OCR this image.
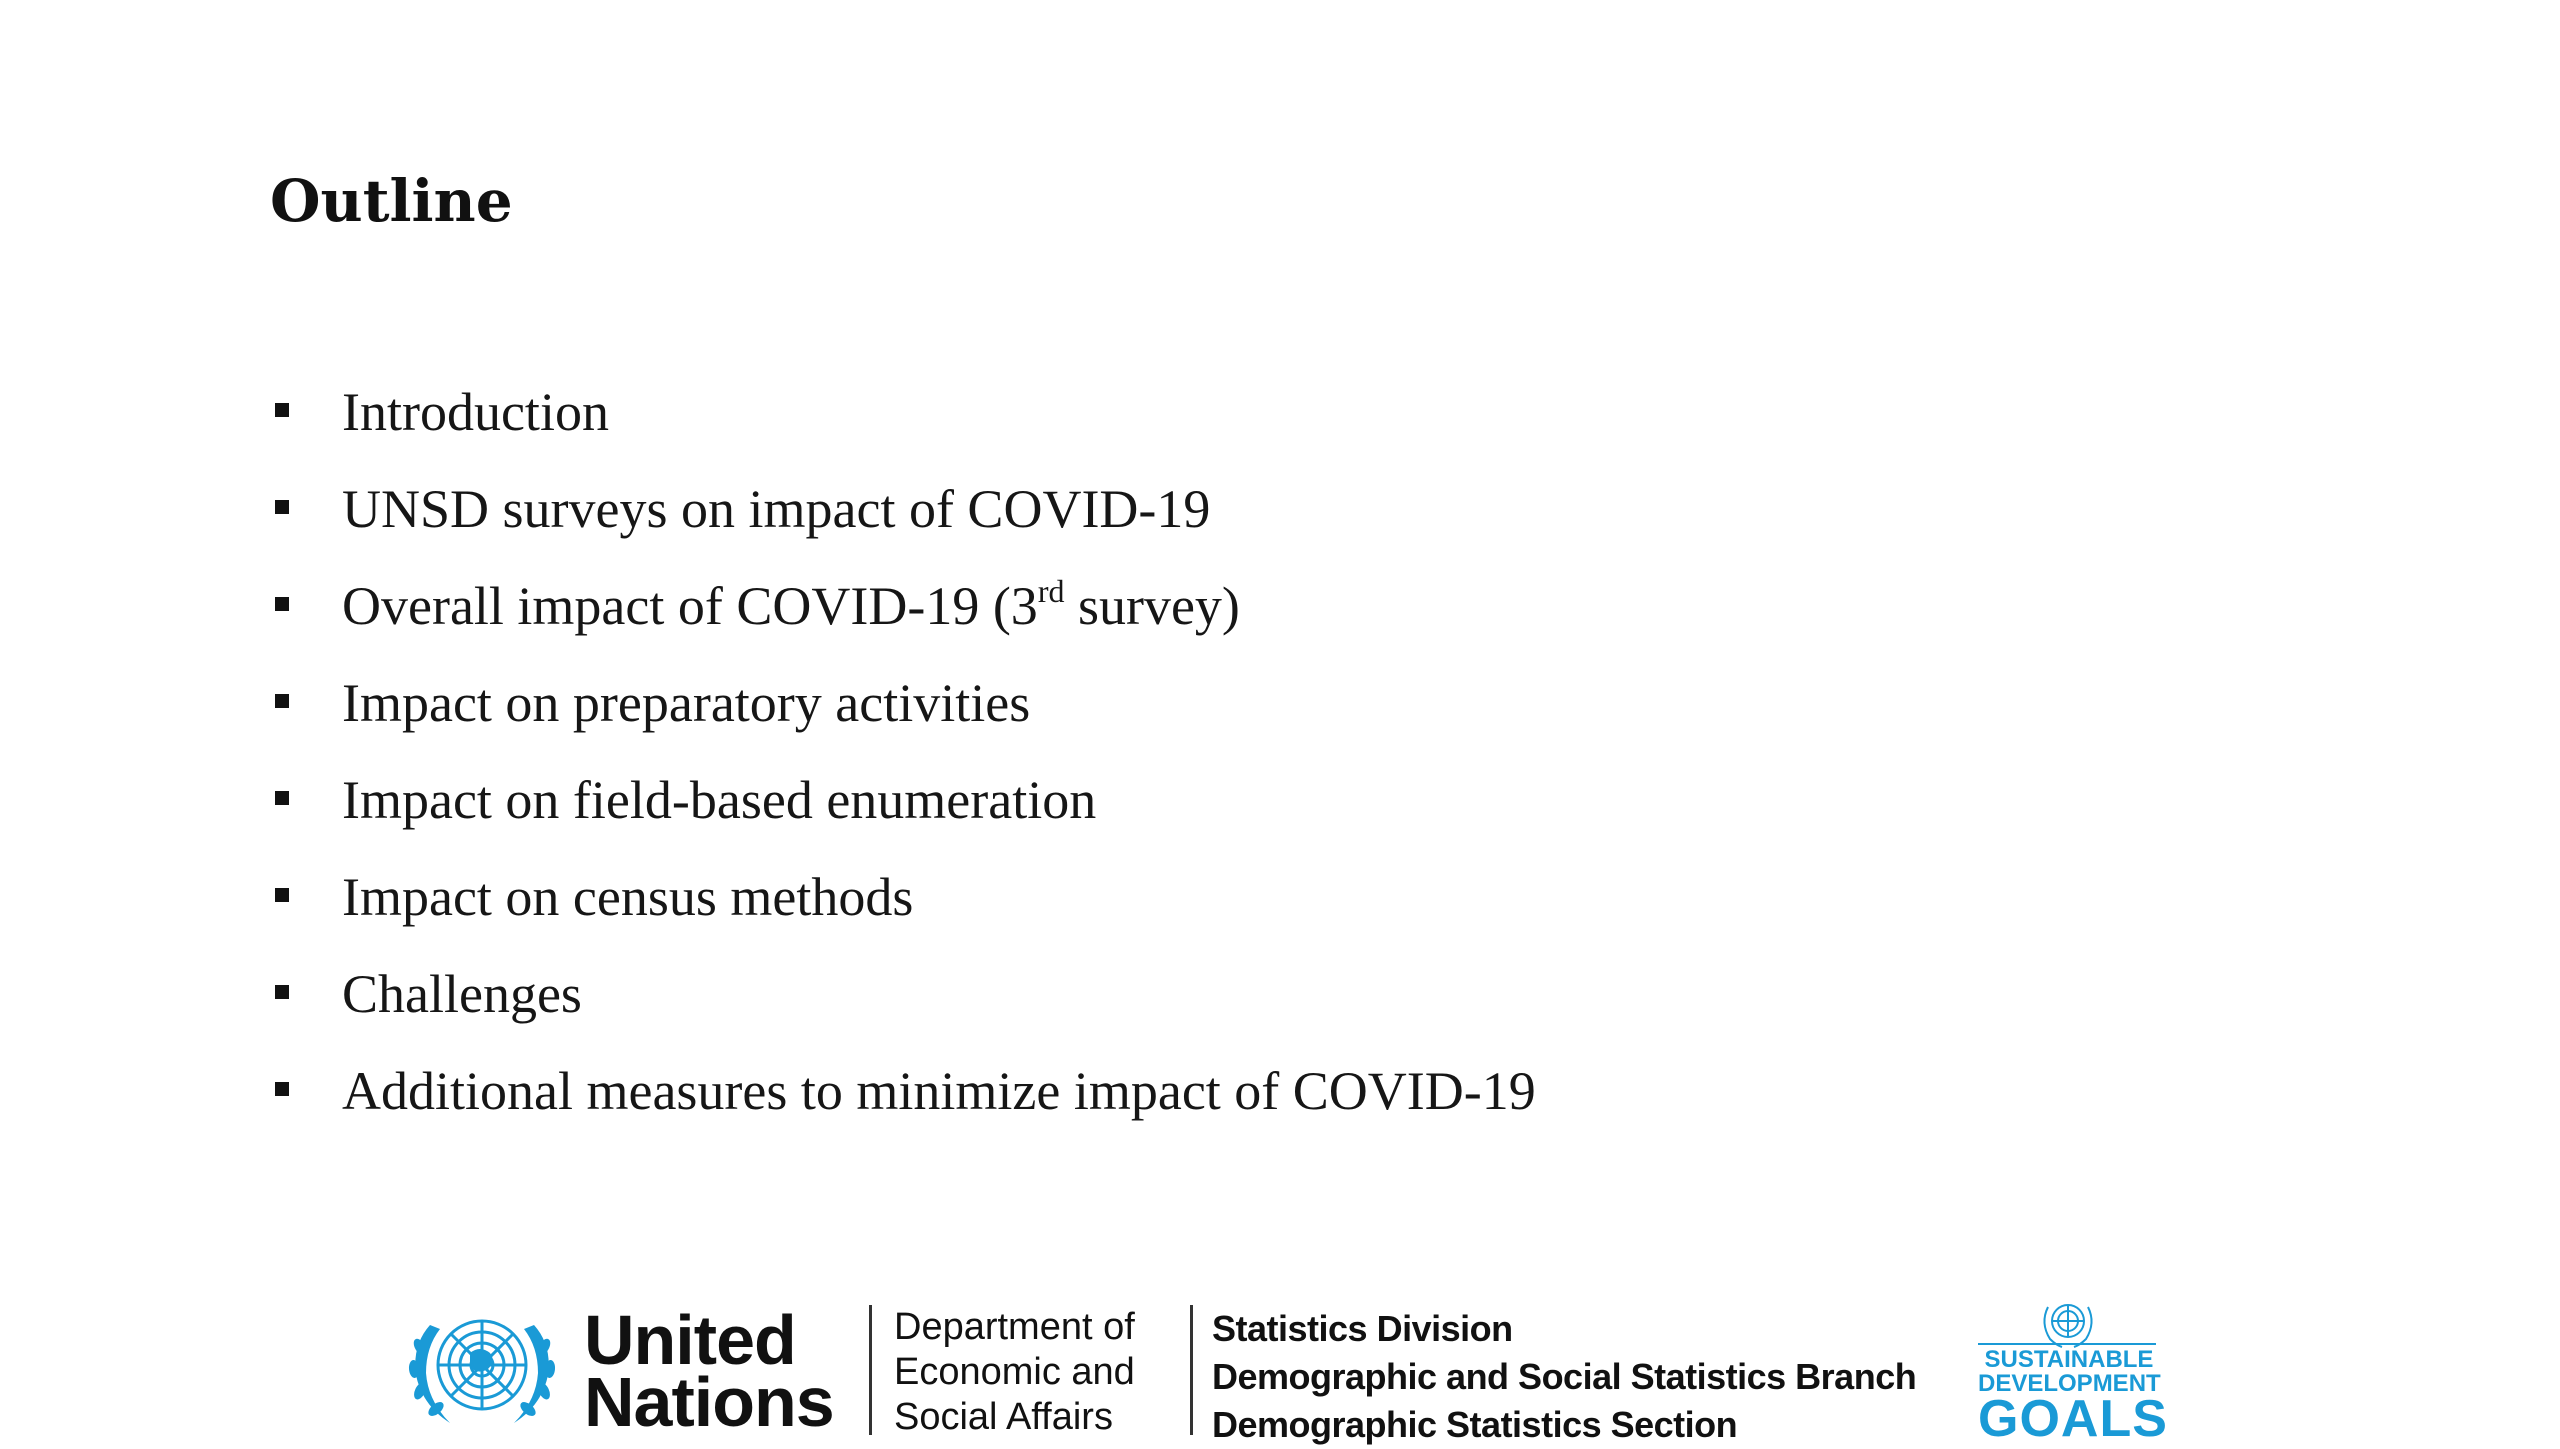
Outline
Introduction
UNSD surveys on impact of COVID-19
Overall impact of COVID-19 (3rd survey)
Impact on preparatory activities
Impact on field-based enumeration
Impact on census methods
Challenges
Additional measures to minimize impact of COVID-19
United
Nations
Department of
Economic and
Social Affairs
Statistics Division
Demographic and Social Statistics Branch
Demographic Statistics Section
SUSTAINABLE
DEVELOPMENT
GOALS
